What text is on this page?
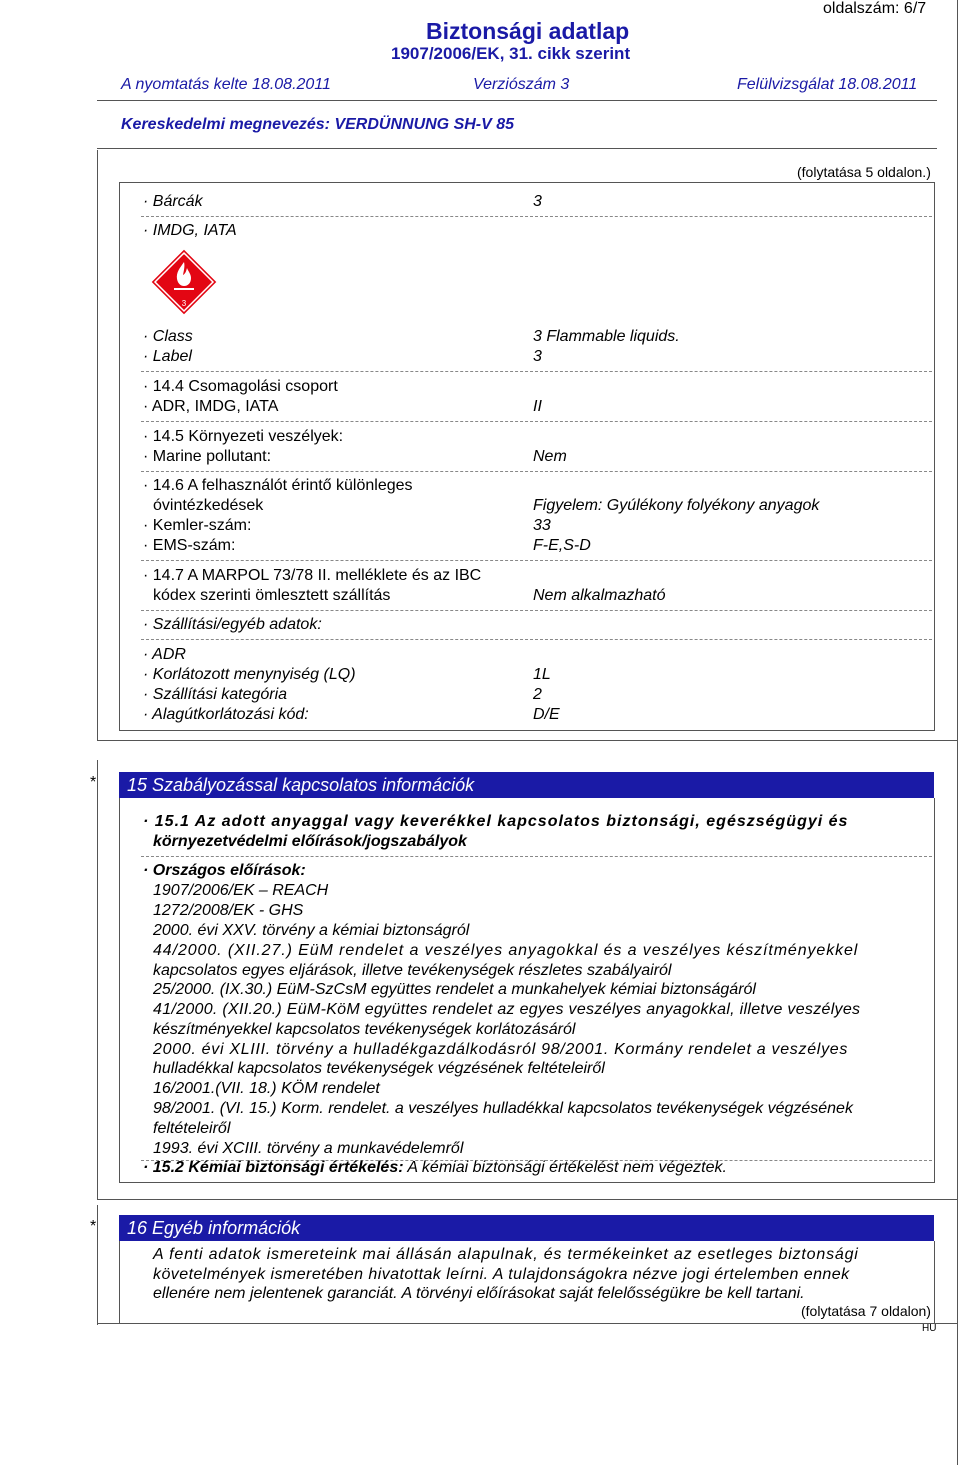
oldalszám: 6/7
Biztonsági adatlap
1907/2006/EK, 31. cikk szerint
A nyomtatás kelte 18.08.2011	Verziószám 3	Felülvizsgálat 18.08.2011
Kereskedelmi megnevezés: VERDÜNNUNG SH-V 85
(folytatása 5 oldalon.)
· Bárcák	3
· IMDG, IATA
3
· Class	3 Flammable liquids.
· Label	3
· 14.4 Csomagolási csoport
· ADR, IMDG, IATA	II
· 14.5 Környezeti veszélyek:
· Marine pollutant:	Nem
· 14.6 A felhasználót érintő különleges
óvintézkedések	Figyelem: Gyúlékony folyékony anyagok
· Kemler-szám:	33
· EMS-szám:	F-E,S-D
· 14.7 A MARPOL 73/78 II. melléklete és az IBC
kódex szerinti ömlesztett szállítás	Nem alkalmazható
· Szállítási/egyéb adatok:
· ADR
· Korlátozott menynyiség (LQ)	1L
· Szállítási kategória	2
· Alagútkorlátozási kód:	D/E
*	15 Szabályozással kapcsolatos információk
· 15.1 Az adott anyaggal vagy keverékkel kapcsolatos biztonsági, egészségügyi és
környezetvédelmi előírások/jogszabályok
· Országos előírások:
1907/2006/EK – REACH
1272/2008/EK - GHS
2000. évi XXV. törvény a kémiai biztonságról
44/2000. (XII.27.) EüM rendelet a veszélyes anyagokkal és a veszélyes készítményekkel
kapcsolatos egyes eljárások, illetve tevékenységek részletes szabályairól
25/2000. (IX.30.) EüM-SzCsM együttes rendelet a munkahelyek kémiai biztonságáról
41/2000. (XII.20.) EüM-KöM együttes rendelet az egyes veszélyes anyagokkal, illetve veszélyes
készítményekkel kapcsolatos tevékenységek korlátozásáról
2000. évi XLIII. törvény a hulladékgazdálkodásról 98/2001. Kormány rendelet a veszélyes
hulladékkal kapcsolatos tevékenységek végzésének feltételeiről
16/2001.(VII. 18.) KÖM rendelet
98/2001. (VI. 15.) Korm. rendelet. a veszélyes hulladékkal kapcsolatos tevékenységek végzésének
feltételeiről
1993. évi XCIII. törvény a munkavédelemről
· 15.2 Kémiai biztonsági értékelés: A kémiai biztonsági értékelést nem végeztek.
*	16 Egyéb információk
A fenti adatok ismereteink mai állásán alapulnak, és termékeinket az esetleges biztonsági
követelmények ismeretében hivatottak leírni. A tulajdonságokra nézve jogi értelemben ennek
ellenére nem jelentenek garanciát. A törvényi előírásokat saját felelősségükre be kell tartani.
(folytatása 7 oldalon)
HU
